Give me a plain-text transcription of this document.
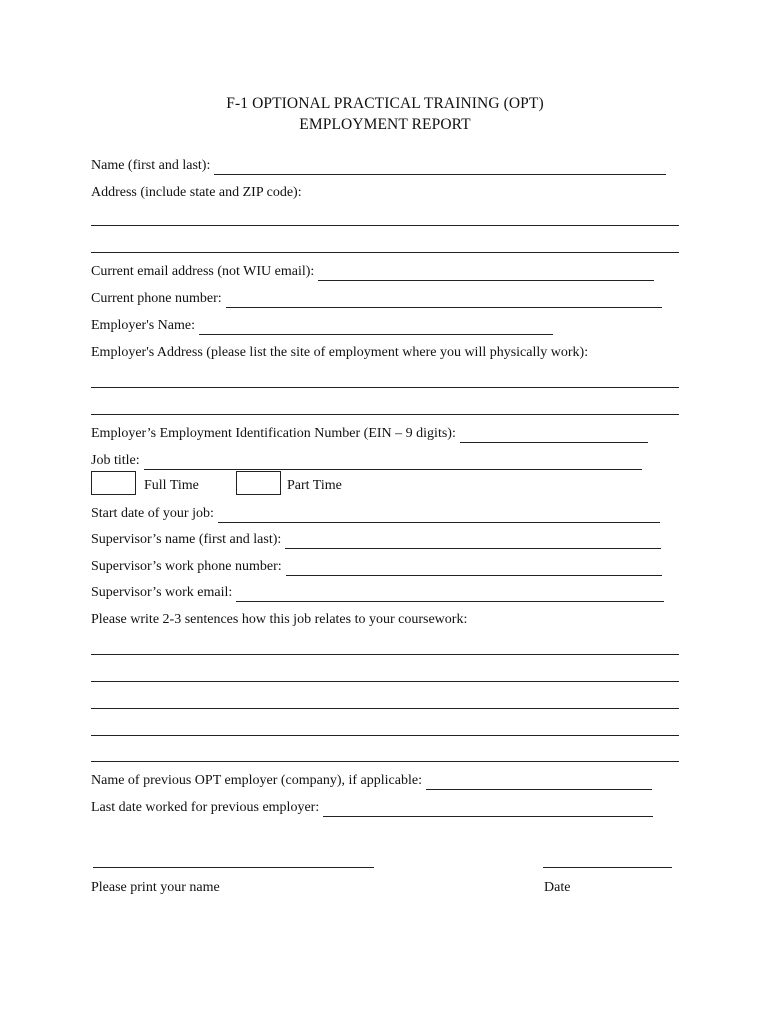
F-1 OPTIONAL PRACTICAL TRAINING (OPT)
EMPLOYMENT REPORT
Name (first and last):
Address (include state and ZIP code):
Current email address (not WIU email):
Current phone number:
Employer's Name:
Employer's Address (please list the site of employment where you will physically work):
Employer’s Employment Identification Number (EIN – 9 digits):
Job title:
Full Time	Part Time
Start date of your job:
Supervisor’s name (first and last):
Supervisor’s work phone number:
Supervisor’s work email:
Please write 2-3 sentences how this job relates to your coursework:
Name of previous OPT employer (company), if applicable:
Last date worked for previous employer:
Please print your name	Date
